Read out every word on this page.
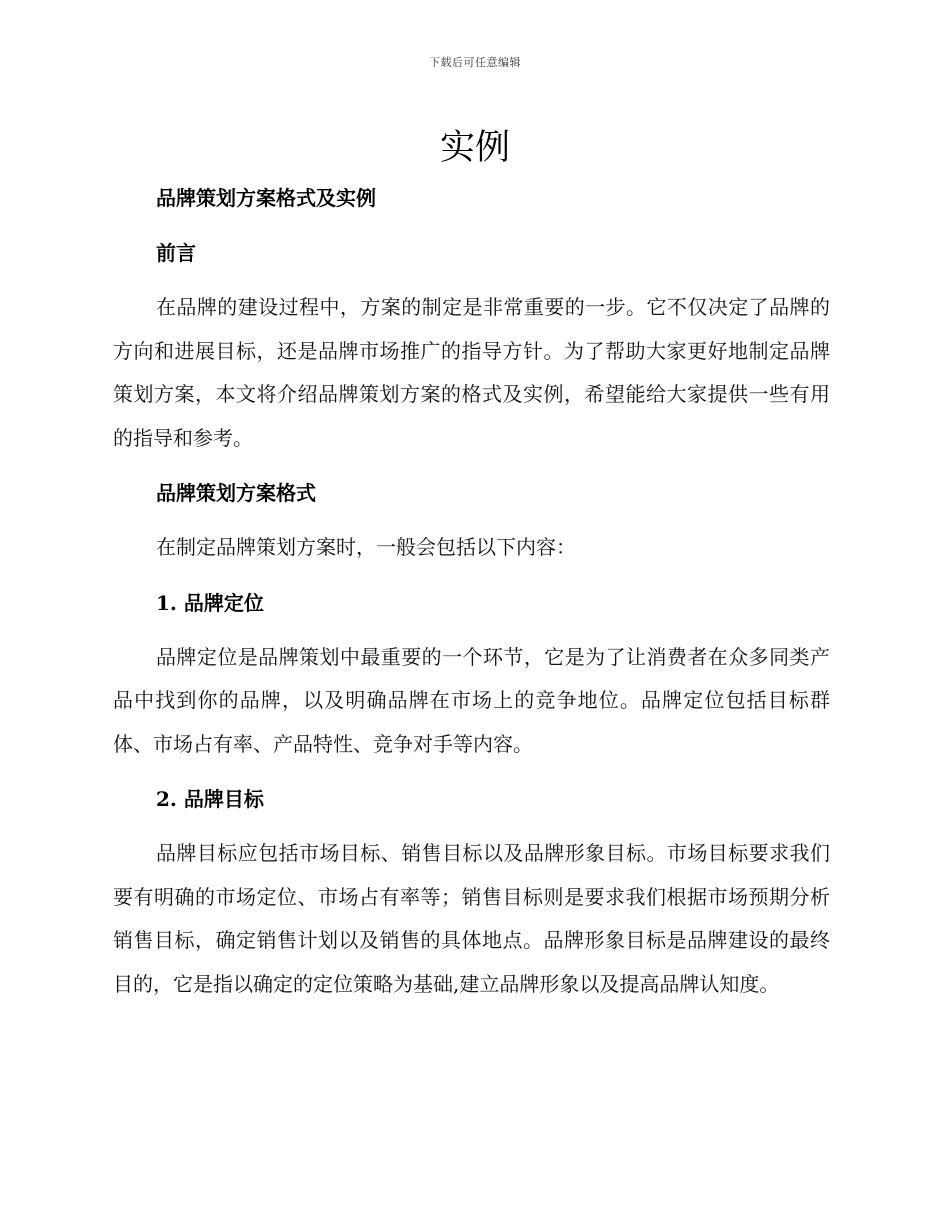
下载后可任意编辑
实例
品牌策划方案格式及实例
前言

在品牌的建设过程中，方案的制定是非常重要的一步。它不仅决定了品牌的方向和进展目标，还是品牌市场推广的指导方针。为了帮助大家更好地制定品牌策划方案，本文将介绍品牌策划方案的格式及实例，希望能给大家提供一些有用的指导和参考。

品牌策划方案格式

在制定品牌策划方案时，一般会包括以下内容：

1. 品牌定位

品牌定位是品牌策划中最重要的一个环节，它是为了让消费者在众多同类产品中找到你的品牌，以及明确品牌在市场上的竞争地位。品牌定位包括目标群体、市场占有率、产品特性、竞争对手等内容。

2. 品牌目标

品牌目标应包括市场目标、销售目标以及品牌形象目标。市场目标要求我们要有明确的市场定位、市场占有率等；销售目标则是要求我们根据市场预期分析销售目标，确定销售计划以及销售的具体地点。品牌形象目标是品牌建设的最终目的，它是指以确定的定位策略为基础,建立品牌形象以及提高品牌认知度。
